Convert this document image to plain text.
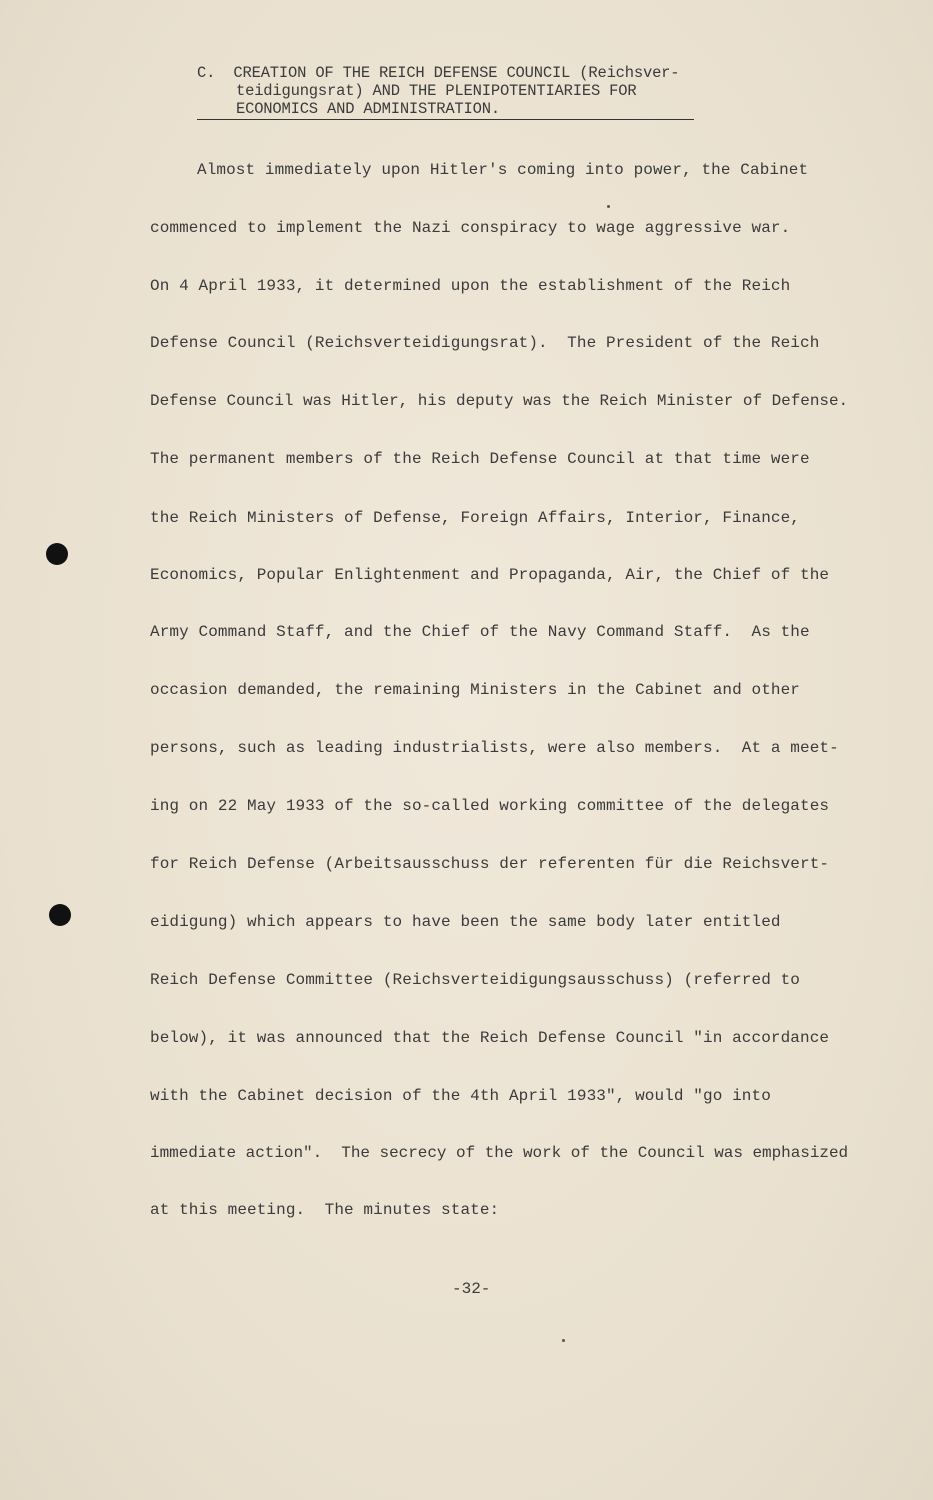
C.  CREATION OF THE REICH DEFENSE COUNCIL (Reichsver-
teidigungsrat) AND THE PLENIPOTENTIARIES FOR
ECONOMICS AND ADMINISTRATION.
Almost immediately upon Hitler's coming into power, the Cabinet
commenced to implement the Nazi conspiracy to wage aggressive war.
On 4 April 1933, it determined upon the establishment of the Reich
Defense Council (Reichsverteidigungsrat).  The President of the Reich
Defense Council was Hitler, his deputy was the Reich Minister of Defense.
The permanent members of the Reich Defense Council at that time were
the Reich Ministers of Defense, Foreign Affairs, Interior, Finance,
Economics, Popular Enlightenment and Propaganda, Air, the Chief of the
Army Command Staff, and the Chief of the Navy Command Staff.  As the
occasion demanded, the remaining Ministers in the Cabinet and other
persons, such as leading industrialists, were also members.  At a meet-
ing on 22 May 1933 of the so-called working committee of the delegates
for Reich Defense (Arbeitsausschuss der referenten für die Reichsvert-
eidigung) which appears to have been the same body later entitled
Reich Defense Committee (Reichsverteidigungsausschuss) (referred to
below), it was announced that the Reich Defense Council "in accordance
with the Cabinet decision of the 4th April 1933", would "go into
immediate action".  The secrecy of the work of the Council was emphasized
at this meeting.  The minutes state:
-32-
